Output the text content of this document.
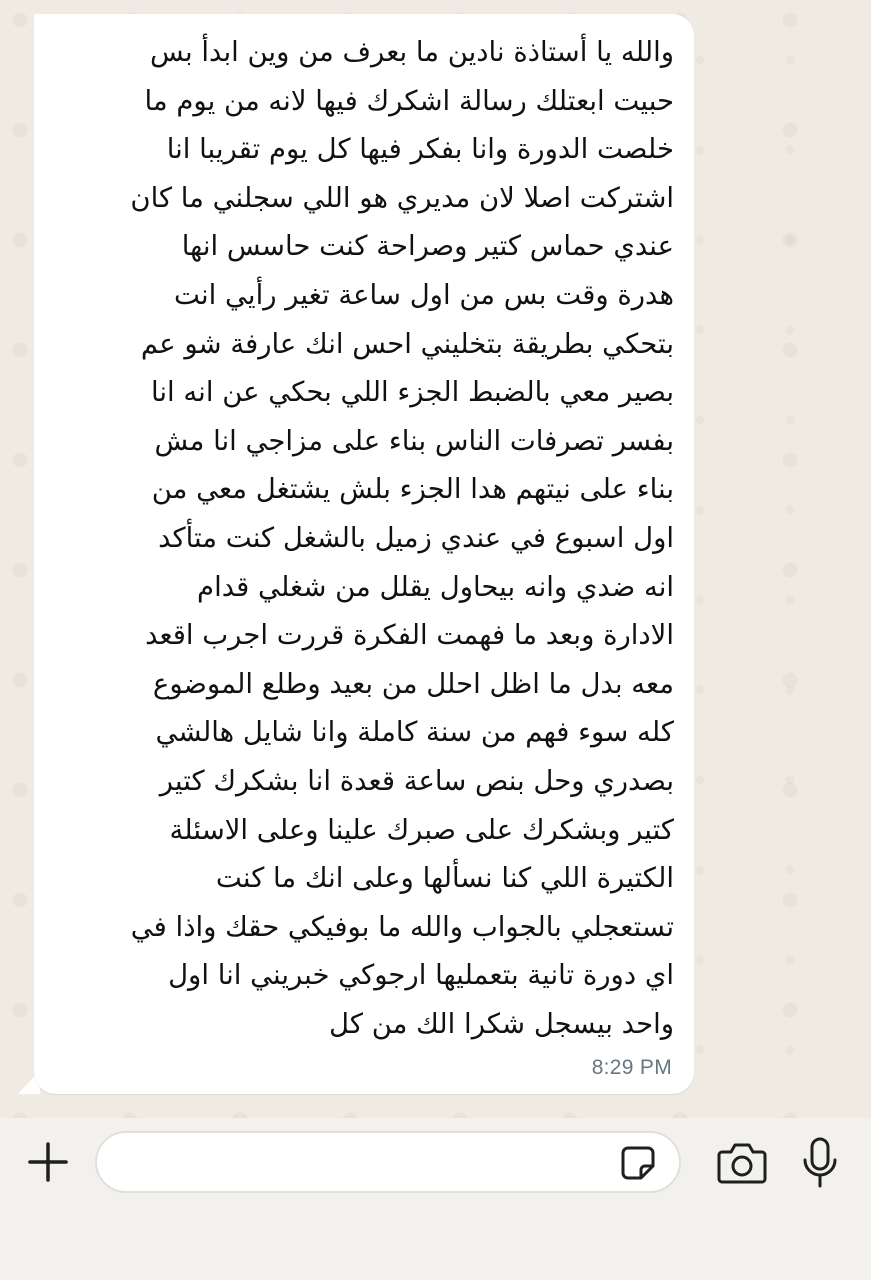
والله يا أستاذة نادين ما بعرف من وين ابدأ بس
حبيت ابعتلك رسالة اشكرك فيها لانه من يوم ما
خلصت الدورة وانا بفكر فيها كل يوم تقريبا انا
اشتركت اصلا لان مديري هو اللي سجلني ما كان
عندي حماس كتير وصراحة كنت حاسس انها
هدرة وقت بس من اول ساعة تغير رأيي انت
بتحكي بطريقة بتخليني احس انك عارفة شو عم
بصير معي بالضبط الجزء اللي بحكي عن انه انا
بفسر تصرفات الناس بناء على مزاجي انا مش
بناء على نيتهم هدا الجزء بلش يشتغل معي من
اول اسبوع في عندي زميل بالشغل كنت متأكد
انه ضدي وانه بيحاول يقلل من شغلي قدام
الادارة وبعد ما فهمت الفكرة قررت اجرب اقعد
معه بدل ما اظل احلل من بعيد وطلع الموضوع
كله سوء فهم من سنة كاملة وانا شايل هالشي
بصدري وحل بنص ساعة قعدة انا بشكرك كتير
كتير وبشكرك على صبرك علينا وعلى الاسئلة
الكتيرة اللي كنا نسألها وعلى انك ما كنت
تستعجلي بالجواب والله ما بوفيكي حقك واذا في
اي دورة تانية بتعمليها ارجوكي خبريني انا اول
واحد بيسجل شكرا الك من كل

8:29 PM
